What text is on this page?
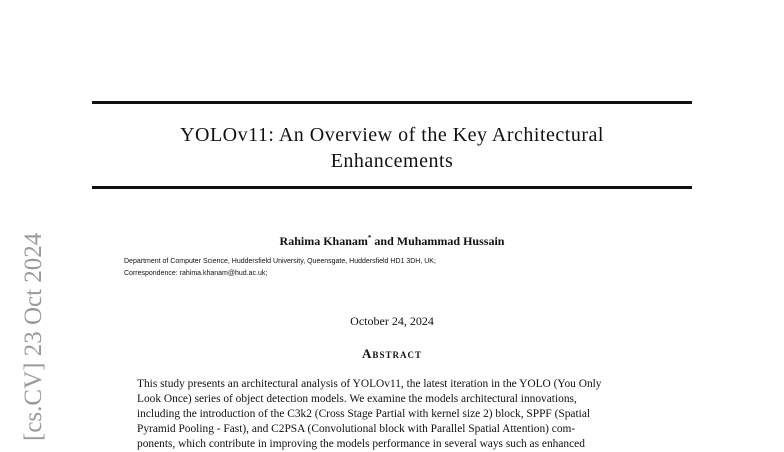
YOLOv11: An Overview of the Key Architectural
Enhancements
Rahima Khanam* and Muhammad Hussain
Department of Computer Science, Huddersfield University, Queensgate, Huddersfield HD1 3DH, UK;
Correspondence: rahima.khanam@hud.ac.uk;
October 24, 2024
Abstract
This study presents an architectural analysis of YOLOv11, the latest iteration in the YOLO (You Only
Look Once) series of object detection models. We examine the models architectural innovations,
including the introduction of the C3k2 (Cross Stage Partial with kernel size 2) block, SPPF (Spatial
Pyramid Pooling - Fast), and C2PSA (Convolutional block with Parallel Spatial Attention) com-
ponents, which contribute in improving the models performance in several ways such as enhanced
[cs.CV] 23 Oct 2024
